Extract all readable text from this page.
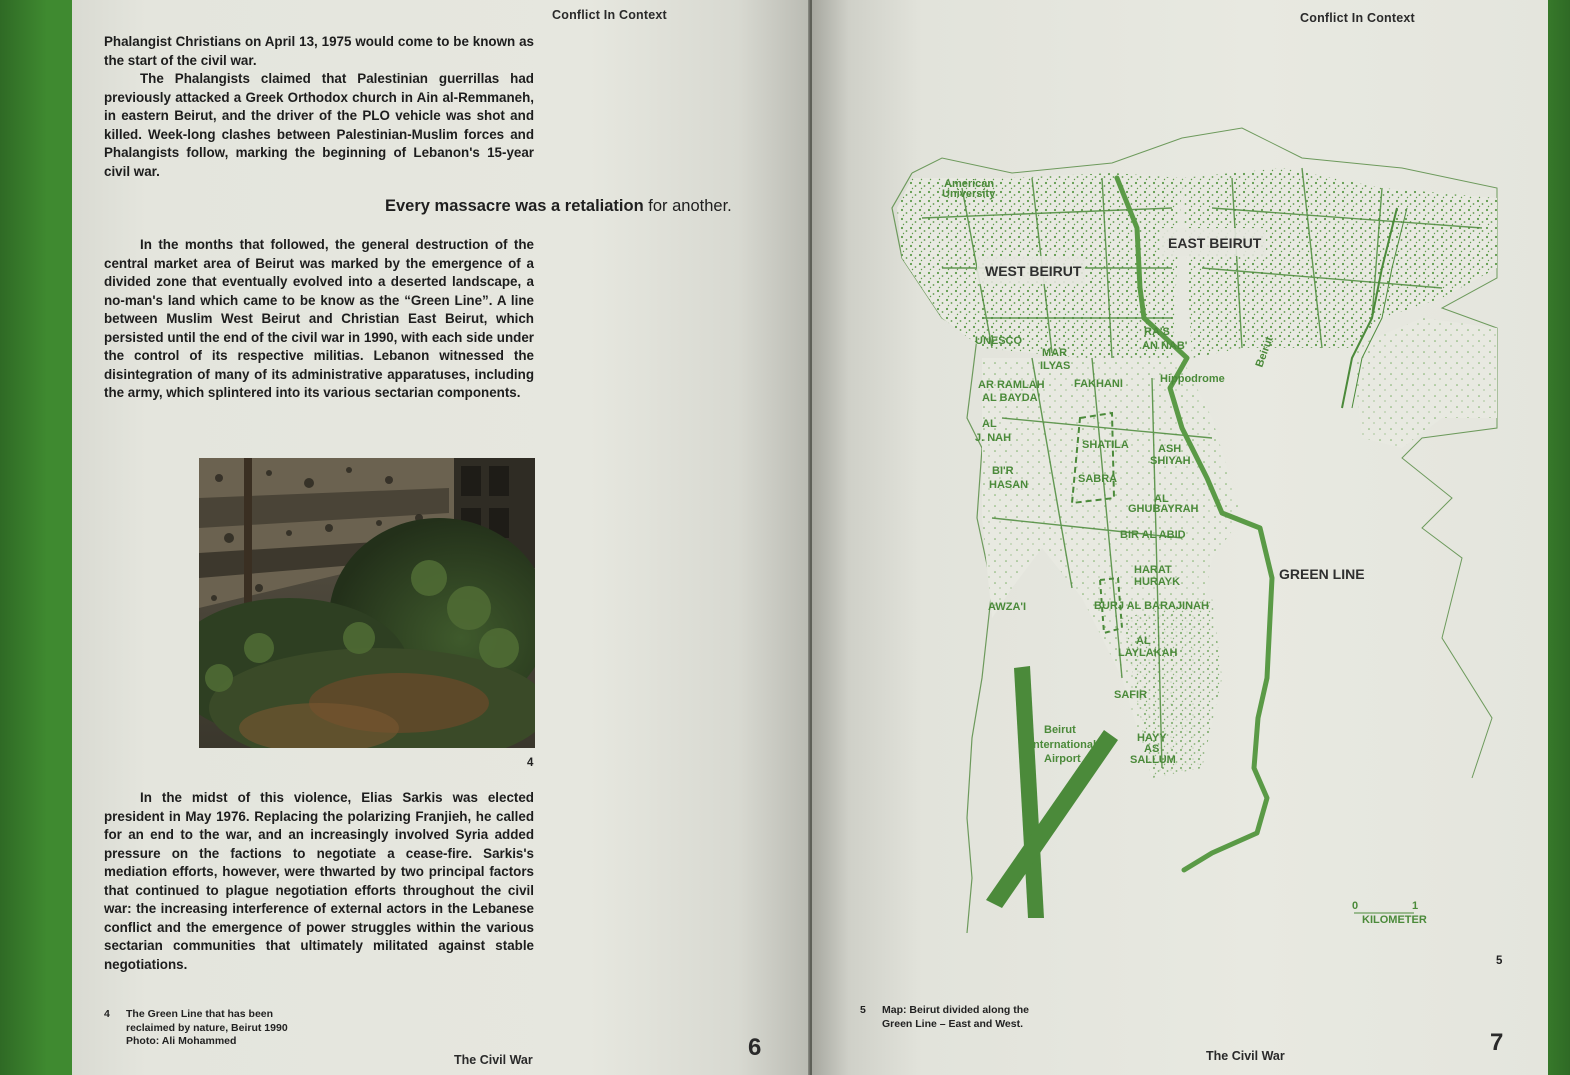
Conflict In Context

Phalangist Christians on April 13, 1975 would come to be known as the start of the civil war.

The Phalangists claimed that Palestinian guerrillas had previously attacked a Greek Orthodox church in Ain al-Remmaneh, in eastern Beirut, and the driver of the PLO vehicle was shot and killed. Week-long clashes between Palestinian-Muslim forces and Phalangists follow, marking the beginning of Lebanon's 15-year civil war.

Every massacre was a retaliation for another.

In the months that followed, the general destruction of the central market area of Beirut was marked by the emergence of a divided zone that eventually evolved into a deserted landscape, a no-man's land which came to be know as the “Green Line”. A line between Muslim West Beirut and Christian East Beirut, which persisted until the end of the civil war in 1990, with each side under the control of its respective militias. Lebanon witnessed the disintegration of many of its administrative apparatuses, including the army, which splintered into its various sectarian components.

4

In the midst of this violence, Elias Sarkis was elected president in May 1976. Replacing the polarizing Franjieh, he called for an end to the war, and an increasingly involved Syria added pressure on the factions to negotiate a cease-fire. Sarkis's mediation efforts, however, were thwarted by two principal factors that continued to plague negotiation efforts throughout the civil war: the increasing interference of external actors in the Lebanese conflict and the emergence of power struggles within the various sectarian communities that ultimately militated against stable negotiations.

4 The Green Line that has been
reclaimed by nature, Beirut 1990
Photo: Ali Mohammed
The Civil War	6
Conflict In Context
WEST BEIRUT
EAST BEIRUT
GREEN LINE
American
University
UNESCO
MAR
ILYAS
RA'S
AN NAB'
AR RAMLAH
AL BAYDA'
FAKHANI	Hippodrome
AL
J. NAH
SHATILA	ASH
SHIYAH
BI'R
HASAN	SABRA
AL
GHUBAYRAH
BIR AL ABID
HARAT
HURAYK
AWZA'I	BURJ AL BARAJINAH
AL
LAYLAKAH
SAFIR
Beirut
International
Airport
HAYY
AS
SALLUM
Beirut
0	1
KILOMETER
5
5 Map: Beirut divided along the
Green Line – East and West.
The Civil War	7
